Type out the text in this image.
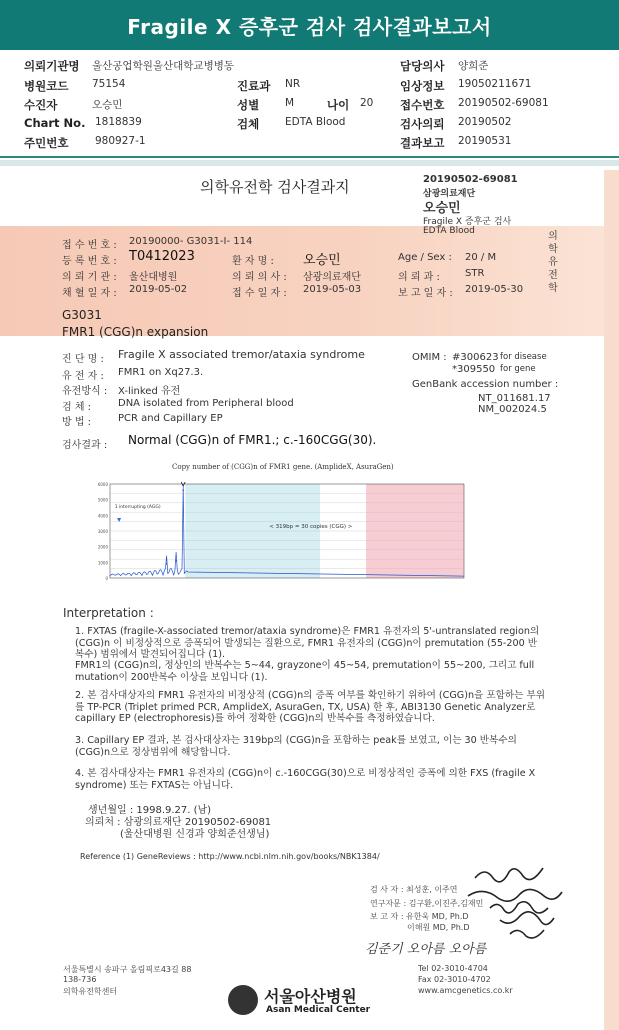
Fragile X 증후군 검사 검사결과보고서
의뢰기관명 울산공업학원울산대학교병병동	담당의사 양희준
병원코드 75154	진료과 NR	임상정보 19050211671
수진자	오승민	성별 M	나이 20 접수번호 20190502-69081
Chart No. 1818839	검체 EDTA Blood	검사의뢰 20190502
주민번호	980927-1	결과보고 20190531
의학유전학 검사결과지	20190502-69081
삼광의료재단
오승민
Fragile X 증후군 검사
EDTA Blood	의학유전학
접 수 번 호 : 20190000- G3031-I- 114
등 록 번 호 : T0412023	환 자 명 : 오승민	Age / Sex : 20 / M
의 뢰 기 관 : 울산대병원	의 뢰 의 사 : 삼광의료재단	의 뢰 과 :	STR
채 혈 일 자 : 2019-05-02	접 수 일 자 : 2019-05-03	보 고 일 자 : 2019-05-30
G3031
FMR1 (CGG)n expansion
진 단 명 : Fragile X associated tremor/ataxia syndrome
유 전 자 : FMR1 on Xq27.3.
유전방식 : X-linked 유전
검 체 :	DNA isolated from Peripheral blood
방 법 :	PCR and Capillary EP
검사결과 : Normal (CGG)n of FMR1.; c.-160CGG(30).
OMIM : #300623 for disease
*309550 for gene
GenBank accession number :
NT_011681.17
NM_002024.5
Copy number of (CGG)n of FMR1 gene. (AmplideX, AsuraGen)
0
1000
2000
3000
4000
5000
6000
1 interrupting (AGG)
< 319bp = 30 copies (CGG) >
Interpretation :
1. FXTAS (fragile-X-associated tremor/ataxia syndrome)은 FMR1 유전자의 5'-untranslated region의 (CGG)n 이 비정상적으로 증폭되어 발생되는 질환으로, FMR1 유전자의 (CGG)n이 premutation (55-200 반복수) 범위에서 발견되어집니다 (1).
FMR1의 (CGG)n의, 정상인의 반복수는 5~44, grayzone이 45~54, premutation이 55~200, 그리고 full mutation이 200반복수 이상을 보입니다 (1).
2. 본 검사대상자의 FMR1 유전자의 비정상적 (CGG)n의 증폭 여부를 확인하기 위하여 (CGG)n을 포함하는 부위를 TP-PCR (Triplet primed PCR, AmplideX, AsuraGen, TX, USA) 한 후, ABI3130 Genetic Analyzer로 capillary EP (electrophoresis)를 하여 정확한 (CGG)n의 반복수를 측정하였습니다.
3. Capillary EP 결과, 본 검사대상자는 319bp의 (CGG)n을 포함하는 peak를 보였고, 이는 30 반복수의 (CGG)n으로 정상범위에 해당합니다.
4. 본 검사대상자는 FMR1 유전자의 (CGG)n이 c.-160CGG(30)으로 비정상적인 증폭에 의한 FXS (fragile X syndrome) 또는 FXTAS는 아닙니다.
생년월일 : 1998.9.27. (남)
의뢰처 : 삼광의료재단 20190502-69081
(울산대병원 신경과 양희준선생님)
Reference (1) GeneReviews : http://www.ncbi.nlm.nih.gov/books/NBK1384/
검 사 자 : 최성훈, 이주연
연구자문 : 김구환,이진주,김재민
보 고 자 : 유한욱 MD, Ph.D
이해원 MD, Ph.D
김준기 오아름 오아름
서울특별시 송파구 올림픽로43길 88
138-736
의학유전학센터	서울아산병원
Asan Medical Center
Tel 02-3010-4704
Fax 02-3010-4702
www.amcgenetics.co.kr
